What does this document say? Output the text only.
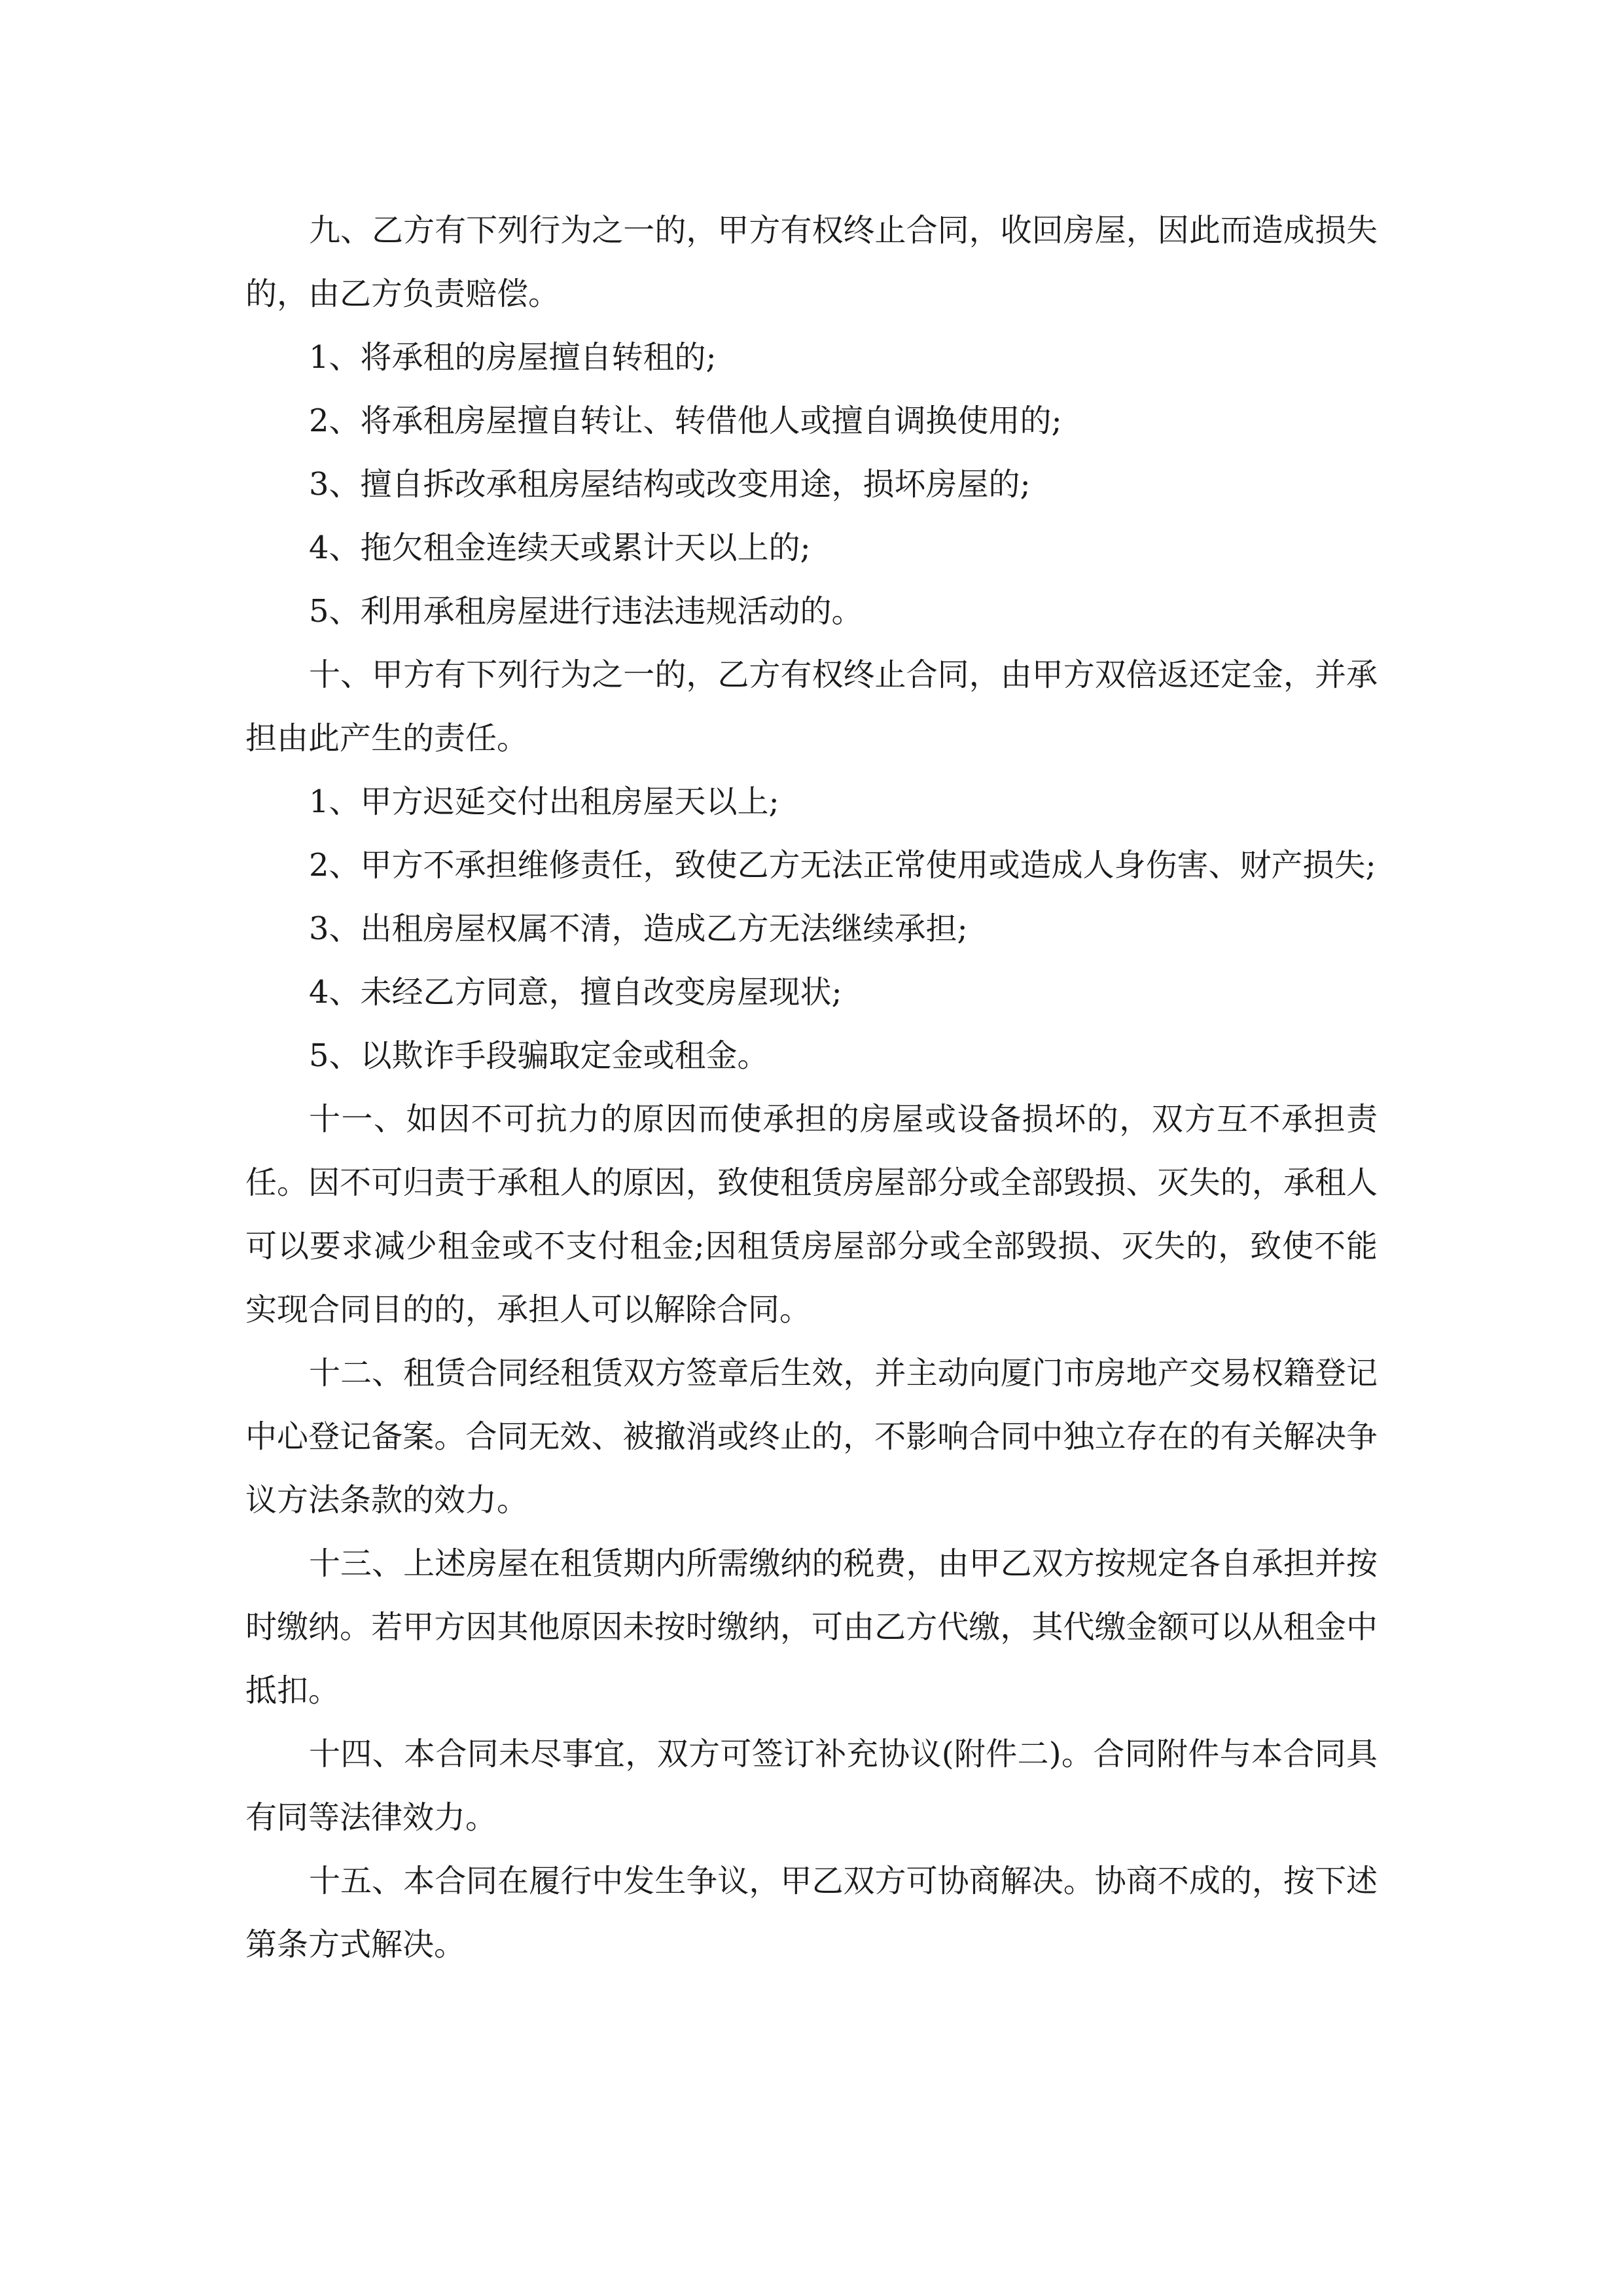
九、乙方有下列行为之一的，甲方有权终止合同，收回房屋，因此而造成损失的，由乙方负责赔偿。

1、将承租的房屋擅自转租的;

2、将承租房屋擅自转让、转借他人或擅自调换使用的;

3、擅自拆改承租房屋结构或改变用途，损坏房屋的;

4、拖欠租金连续天或累计天以上的;

5、利用承租房屋进行违法违规活动的。

十、甲方有下列行为之一的，乙方有权终止合同，由甲方双倍返还定金，并承担由此产生的责任。

1、甲方迟延交付出租房屋天以上;

2、甲方不承担维修责任，致使乙方无法正常使用或造成人身伤害、财产损失;

3、出租房屋权属不清，造成乙方无法继续承担;

4、未经乙方同意，擅自改变房屋现状;

5、以欺诈手段骗取定金或租金。

十一、如因不可抗力的原因而使承担的房屋或设备损坏的，双方互不承担责任。因不可归责于承租人的原因，致使租赁房屋部分或全部毁损、灭失的，承租人可以要求减少租金或不支付租金;因租赁房屋部分或全部毁损、灭失的，致使不能实现合同目的的，承担人可以解除合同。

十二、租赁合同经租赁双方签章后生效，并主动向厦门市房地产交易权籍登记中心登记备案。合同无效、被撤消或终止的，不影响合同中独立存在的有关解决争议方法条款的效力。

十三、上述房屋在租赁期内所需缴纳的税费，由甲乙双方按规定各自承担并按时缴纳。若甲方因其他原因未按时缴纳，可由乙方代缴，其代缴金额可以从租金中抵扣。

十四、本合同未尽事宜，双方可签订补充协议(附件二)。合同附件与本合同具有同等法律效力。

十五、本合同在履行中发生争议，甲乙双方可协商解决。协商不成的，按下述第条方式解决。
